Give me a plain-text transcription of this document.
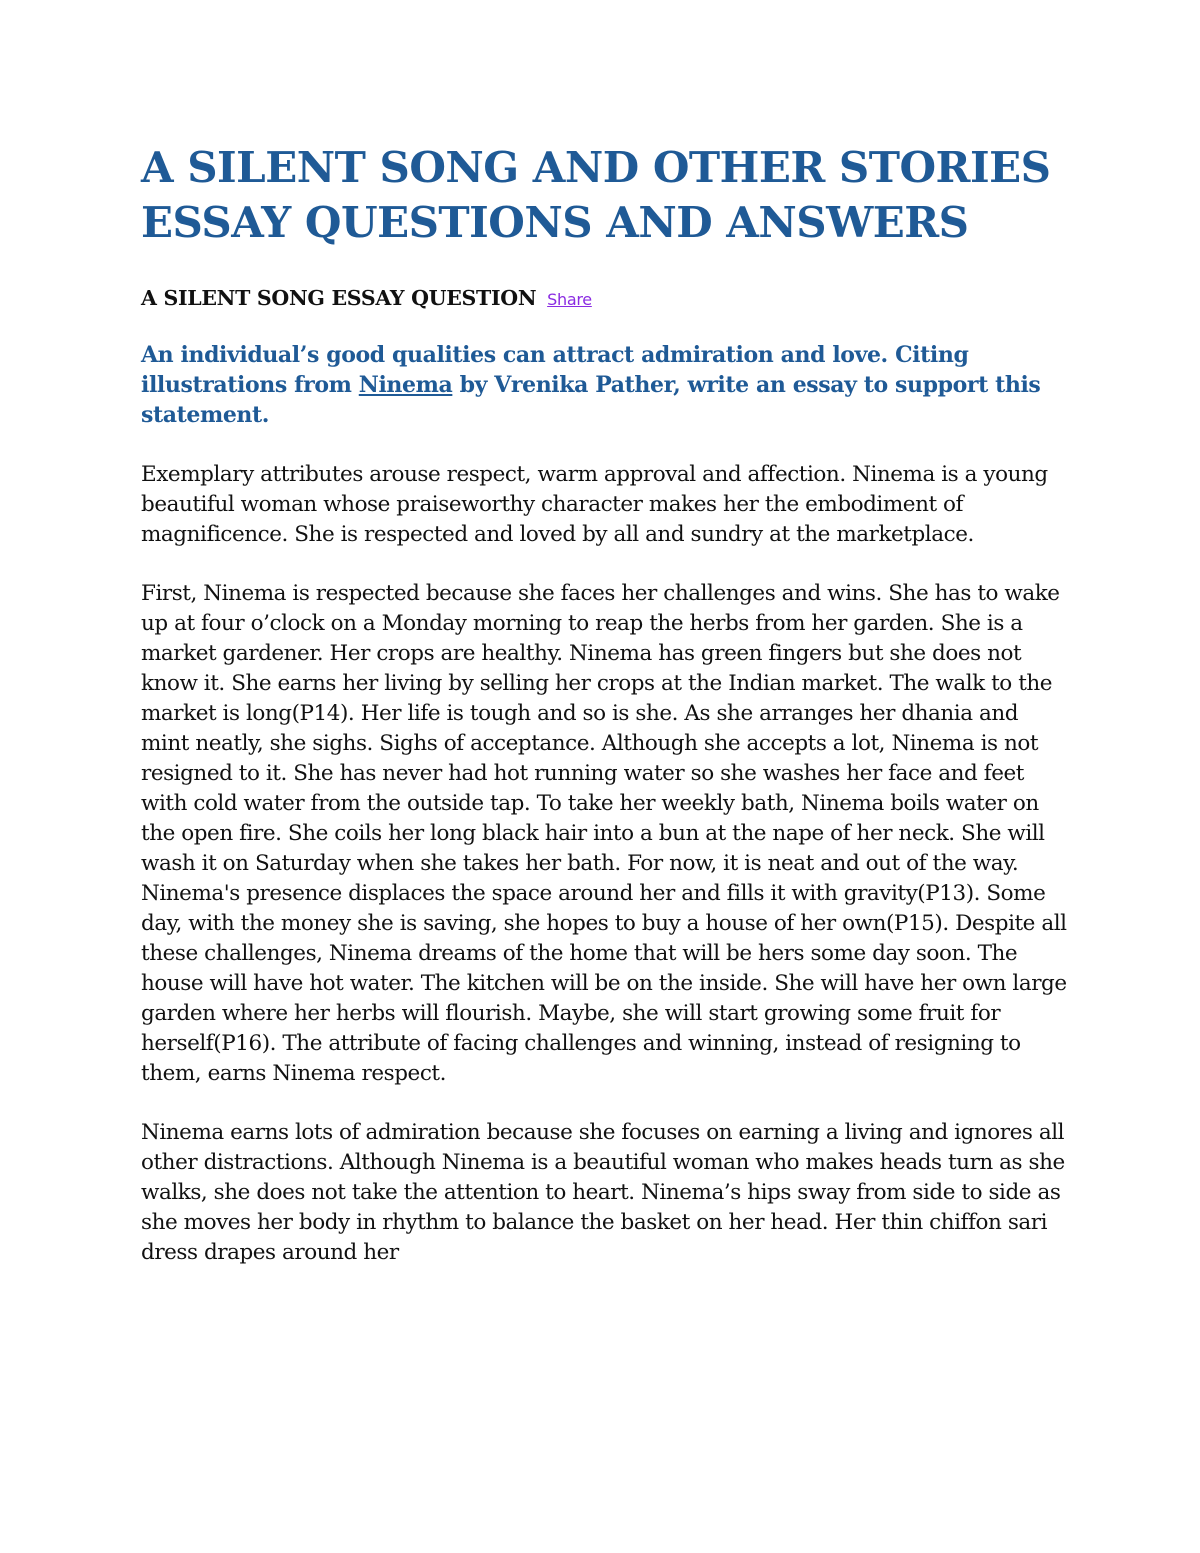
A SILENT SONG AND OTHER STORIES ESSAY QUESTIONS AND ANSWERS

A SILENT SONG ESSAY QUESTION Share

An individual’s good qualities can attract admiration and love. Citing illustrations from Ninema by Vrenika Pather, write an essay to support this statement.

Exemplary attributes arouse respect, warm approval and affection. Ninema is a young beautiful woman whose praiseworthy character makes her the embodiment of magnificence. She is respected and loved by all and sundry at the marketplace.

First, Ninema is respected because she faces her challenges and wins. She has to wake up at four o’clock on a Monday morning to reap the herbs from her garden. She is a market gardener. Her crops are healthy. Ninema has green fingers but she does not know it. She earns her living by selling her crops at the Indian market. The walk to the market is long(P14). Her life is tough and so is she. As she arranges her dhania and mint neatly, she sighs. Sighs of acceptance. Although she accepts a lot, Ninema is not resigned to it. She has never had hot running water so she washes her face and feet with cold water from the outside tap. To take her weekly bath, Ninema boils water on the open fire. She coils her long black hair into a bun at the nape of her neck. She will wash it on Saturday when she takes her bath. For now, it is neat and out of the way. Ninema's presence displaces the space around her and fills it with gravity(P13). Some day, with the money she is saving, she hopes to buy a house of her own(P15). Despite all these challenges, Ninema dreams of the home that will be hers some day soon. The house will have hot water. The kitchen will be on the inside. She will have her own large garden where her herbs will flourish. Maybe, she will start growing some fruit for herself(P16). The attribute of facing challenges and winning, instead of resigning to them, earns Ninema respect.

Ninema earns lots of admiration because she focuses on earning a living and ignores all other distractions. Although Ninema is a beautiful woman who makes heads turn as she walks, she does not take the attention to heart. Ninema’s hips sway from side to side as she moves her body in rhythm to balance the basket on her head. Her thin chiffon sari dress drapes around her
